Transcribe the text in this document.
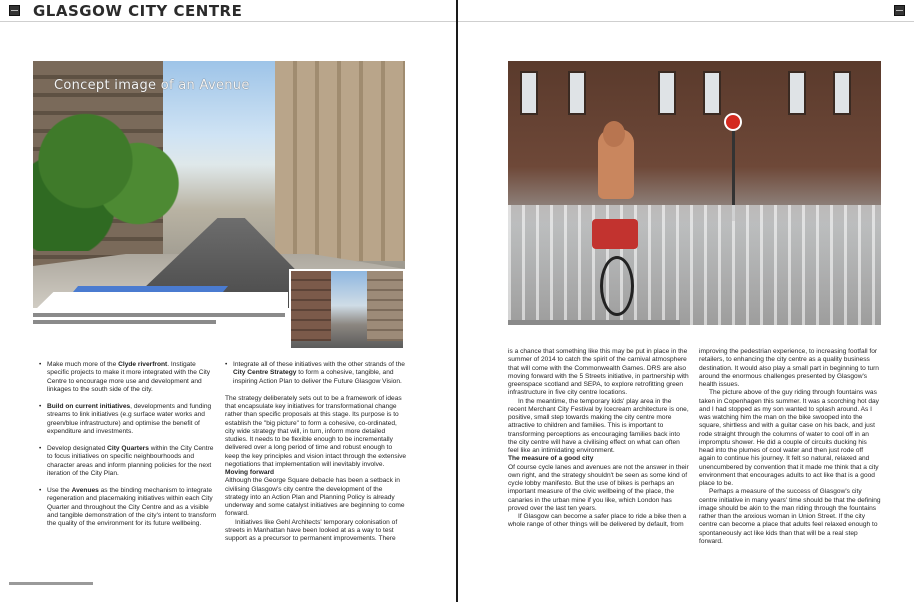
GLASGOW CITY CENTRE
Concept image of an Avenue
• Make much more of the Clyde riverfront. Instigate specific projects to make it more integrated with the City Centre to encourage more use and development and linkages to the south side of the city.
• Build on current initiatives, developments and funding streams to link initiatives (e.g surface water works and green/blue infrastructure) and optimise the benefit of expenditure and investments.
• Develop designated City Quarters within the City Centre to focus initiatives on specific neighbourhoods and character areas and inform planning policies for the next iteration of the City Plan.
• Use the Avenues as the binding mechanism to integrate regeneration and placemaking initiatives within each City Quarter and throughout the City Centre and as a visible and tangible demonstration of the city's intent to transform the quality of the environment for its future wellbeing.
• Integrate all of these initiatives with the other strands of the City Centre Strategy to form a cohesive, tangible, and inspiring Action Plan to deliver the Future Glasgow Vision.

The strategy deliberately sets out to be a framework of ideas that encapsulate key initiatives for transformational change rather than specific proposals at this stage. Its purpose is to establish the "big picture" to form a cohesive, co-ordinated, city wide strategy that will, in turn, inform more detailed studies. It needs to be flexible enough to be incrementally delivered over a long period of time and robust enough to keep the key principles and vision intact through the extensive negotiations that implementation will inevitably involve.

Moving forward

Although the George Square debacle has been a setback in civilising Glasgow's city centre the development of the strategy into an Action Plan and Planning Policy is already underway and some catalyst initiatives are beginning to come forward.

Initiatives like Gehl Architects' temporary colonisation of streets in Manhattan have been looked at as a way to test support as a precursor to permanent improvements. There

is a chance that something like this may be put in place in the summer of 2014 to catch the spirit of the carnival atmosphere that will come with the Commonwealth Games. DRS are also moving forward with the 5 Streets initiative, in partnership with greenspace scotland and SEPA, to explore retrofitting green infrastructure in five city centre locations.

In the meantime, the temporary kids' play area in the recent Merchant City Festival by Icecream architecture is one, positive, small step towards making the city centre more attractive to children and families. This is important to transforming perceptions as encouraging families back into the city centre will have a civilising effect on what can often feel like an intimidating environment.

The measure of a good city

Of course cycle lanes and avenues are not the answer in their own right, and the strategy shouldn't be seen as some kind of cycle lobby manifesto. But the use of bikes is perhaps an important measure of the civic wellbeing of the place, the canaries in the urban mine if you like, which London has proved over the last ten years.

If Glasgow can become a safer place to ride a bike then a whole range of other things will be delivered by default, from

improving the pedestrian experience, to increasing footfall for retailers, to enhancing the city centre as a quality business destination. It would also play a small part in beginning to turn around the enormous challenges presented by Glasgow's health issues.

The picture above of the guy riding through fountains was taken in Copenhagen this summer. It was a scorching hot day and I had stopped as my son wanted to splash around. As I was watching him the man on the bike swooped into the square, shirtless and with a guitar case on his back, and just rode straight through the columns of water to cool off in an impromptu shower. He did a couple of circuits ducking his head into the plumes of cool water and then just rode off again to continue his journey. It felt so natural, relaxed and unencumbered by convention that it made me think that a city environment that encourages adults to act like that is a good place to be.

Perhaps a measure of the success of Glasgow's city centre initiative in many years' time should be that the defining image should be akin to the man riding through the fountains rather than the anxious woman in Union Street. If the city centre can become a place that adults feel relaxed enough to spontaneously act like kids than that will be a real step forward.
